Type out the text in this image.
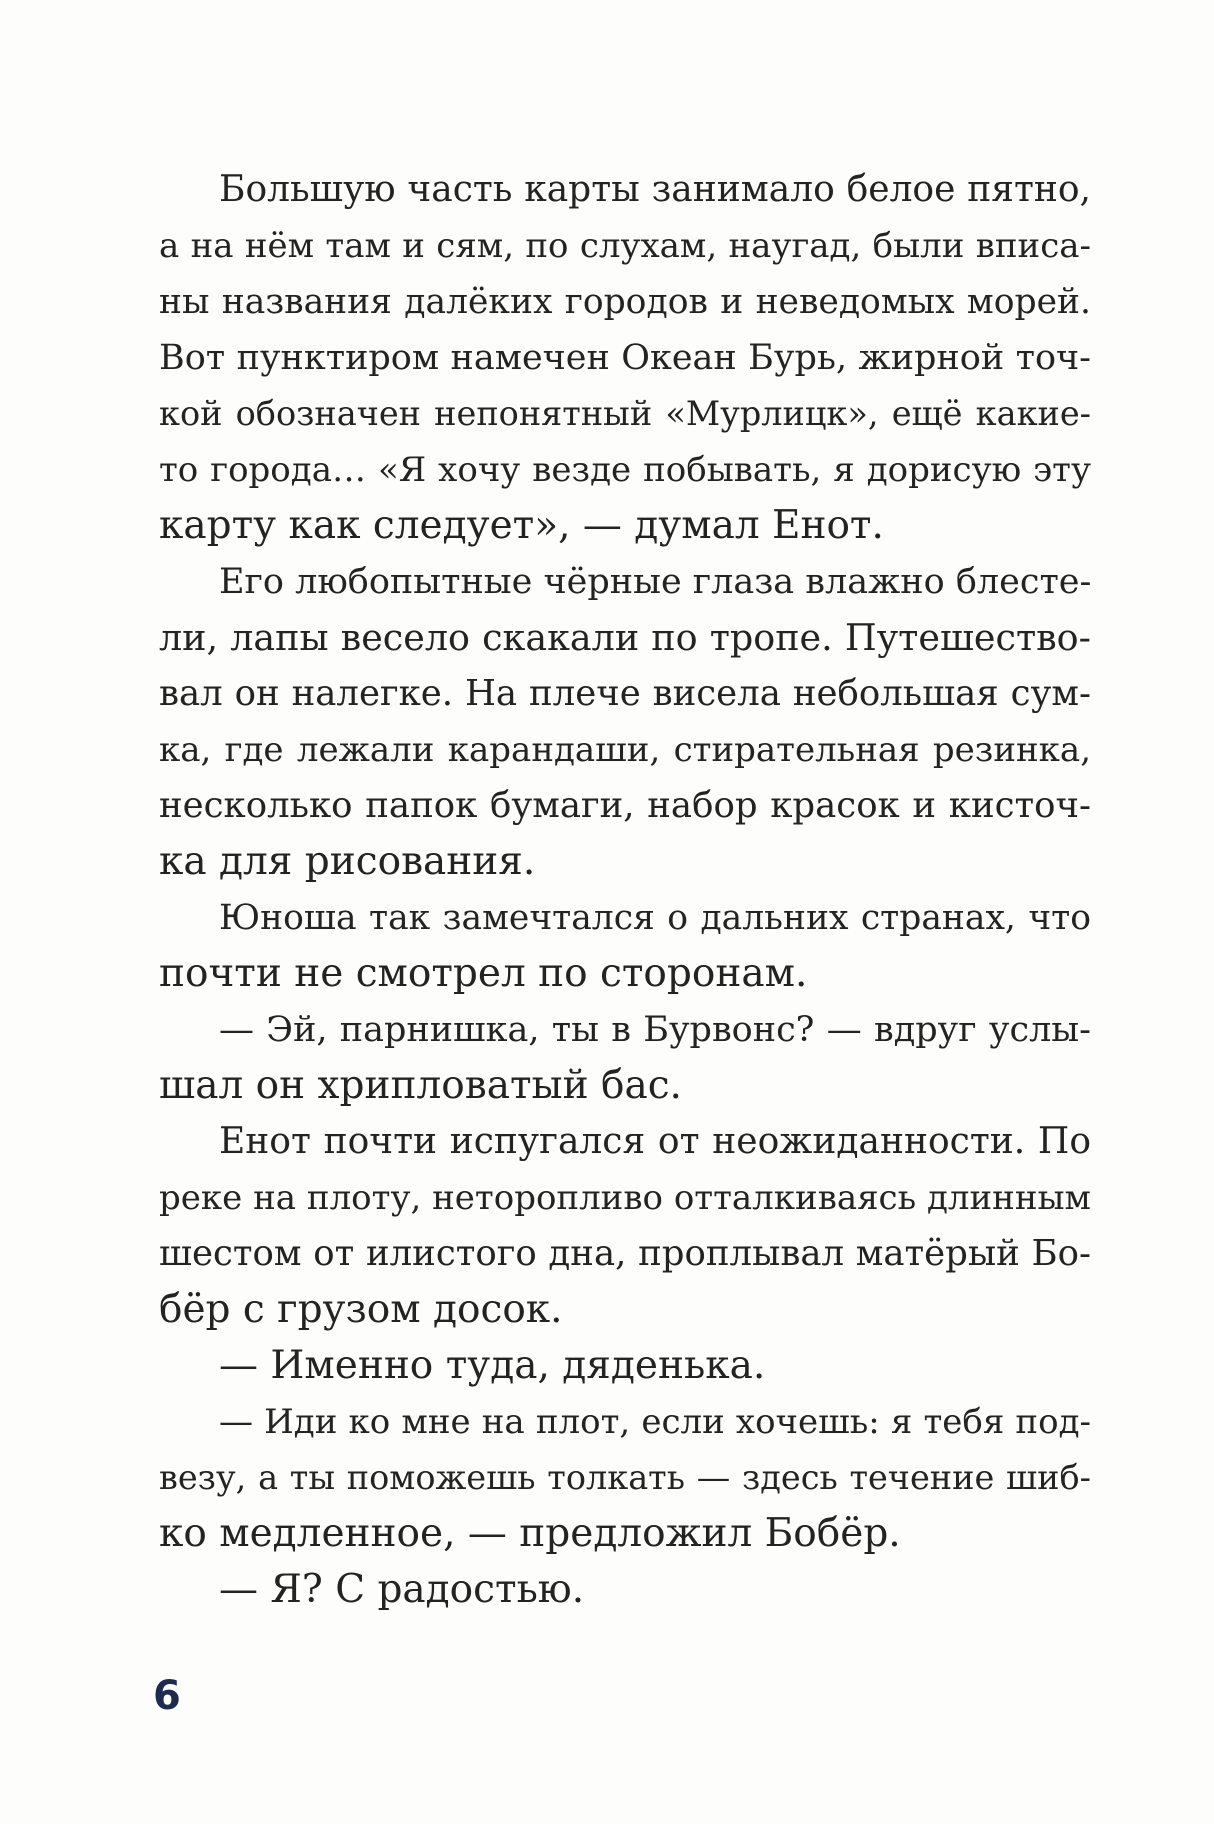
Большую часть карты занимало белое пятно,
а на нём там и сям, по слухам, наугад, были вписа-
ны названия далёких городов и неведомых морей.
Вот пунктиром намечен Океан Бурь, жирной точ-
кой обозначен непонятный «Мурлицк», ещё какие-
то города… «Я хочу везде побывать, я дорисую эту
карту как следует», — думал Енот.
Его любопытные чёрные глаза влажно блесте-
ли, лапы весело скакали по тропе. Путешество-
вал он налегке. На плече висела небольшая сум-
ка, где лежали карандаши, стирательная резинка,
несколько папок бумаги, набор красок и кисточ-
ка для рисования.
Юноша так замечтался о дальних странах, что
почти не смотрел по сторонам.
— Эй, парнишка, ты в Бурвонс? — вдруг услы-
шал он хрипловатый бас.
Енот почти испугался от неожиданности. По
реке на плоту, неторопливо отталкиваясь длинным
шестом от илистого дна, проплывал матёрый Бо-
бёр с грузом досок.
— Именно туда, дяденька.
— Иди ко мне на плот, если хочешь: я тебя под-
везу, а ты поможешь толкать — здесь течение шиб-
ко медленное, — предложил Бобёр.
— Я? С радостью.
6
